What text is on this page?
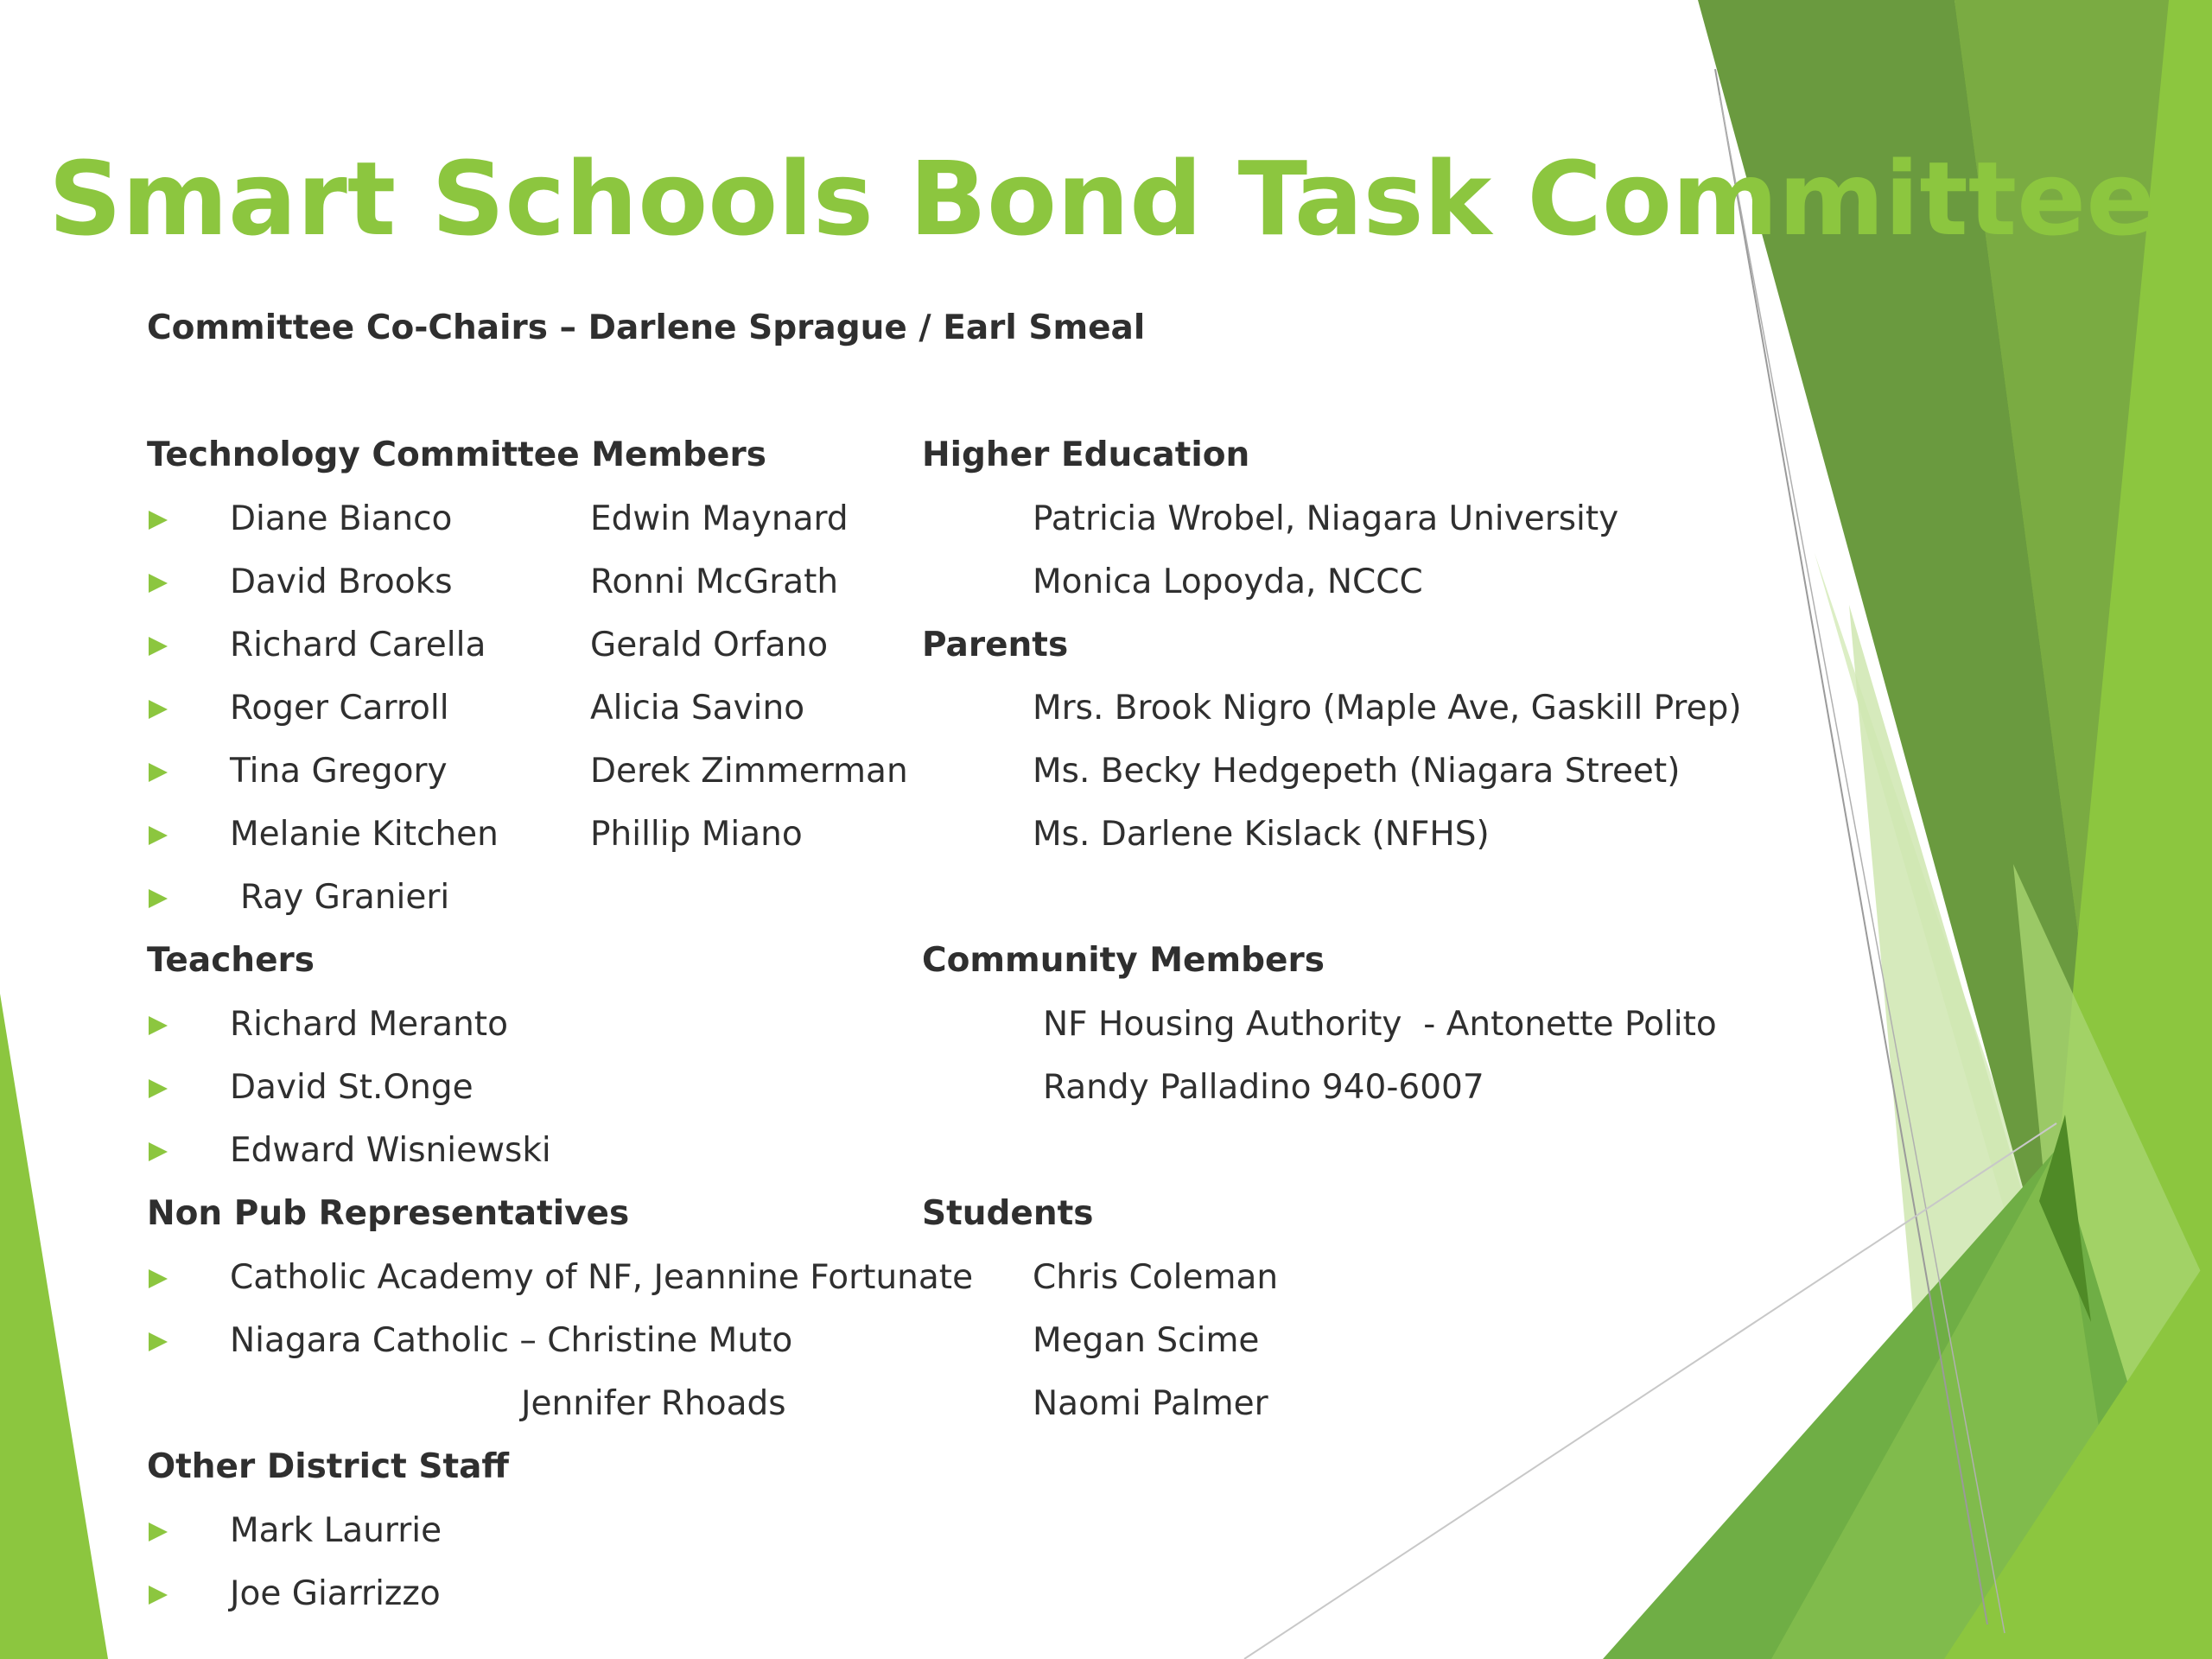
Smart Schools Bond Task Committee
Committee Co-Chairs – Darlene Sprague / Earl Smeal
Technology Committee Members
Diane Bianco	Edwin Maynard
David Brooks	Ronni McGrath
Richard Carella	Gerald Orfano
Roger Carroll	Alicia Savino
Tina Gregory	Derek Zimmerman
Melanie Kitchen	Phillip Miano
Ray Granieri
Teachers
Richard Meranto
David St.Onge
Edward Wisniewski
Non Pub Representatives
Catholic Academy of NF, Jeannine Fortunate
Niagara Catholic – Christine Muto
Jennifer Rhoads
Other District Staff
Mark Laurrie
Joe Giarrizzo
Higher Education
Patricia Wrobel, Niagara University
Monica Lopoyda, NCCC
Parents
Mrs. Brook Nigro (Maple Ave, Gaskill Prep)
Ms. Becky Hedgepeth (Niagara Street)
Ms. Darlene Kislack (NFHS)
Community Members
NF Housing Authority  - Antonette Polito
Randy Palladino 940-6007
Students
Chris Coleman
Megan Scime
Naomi Palmer
